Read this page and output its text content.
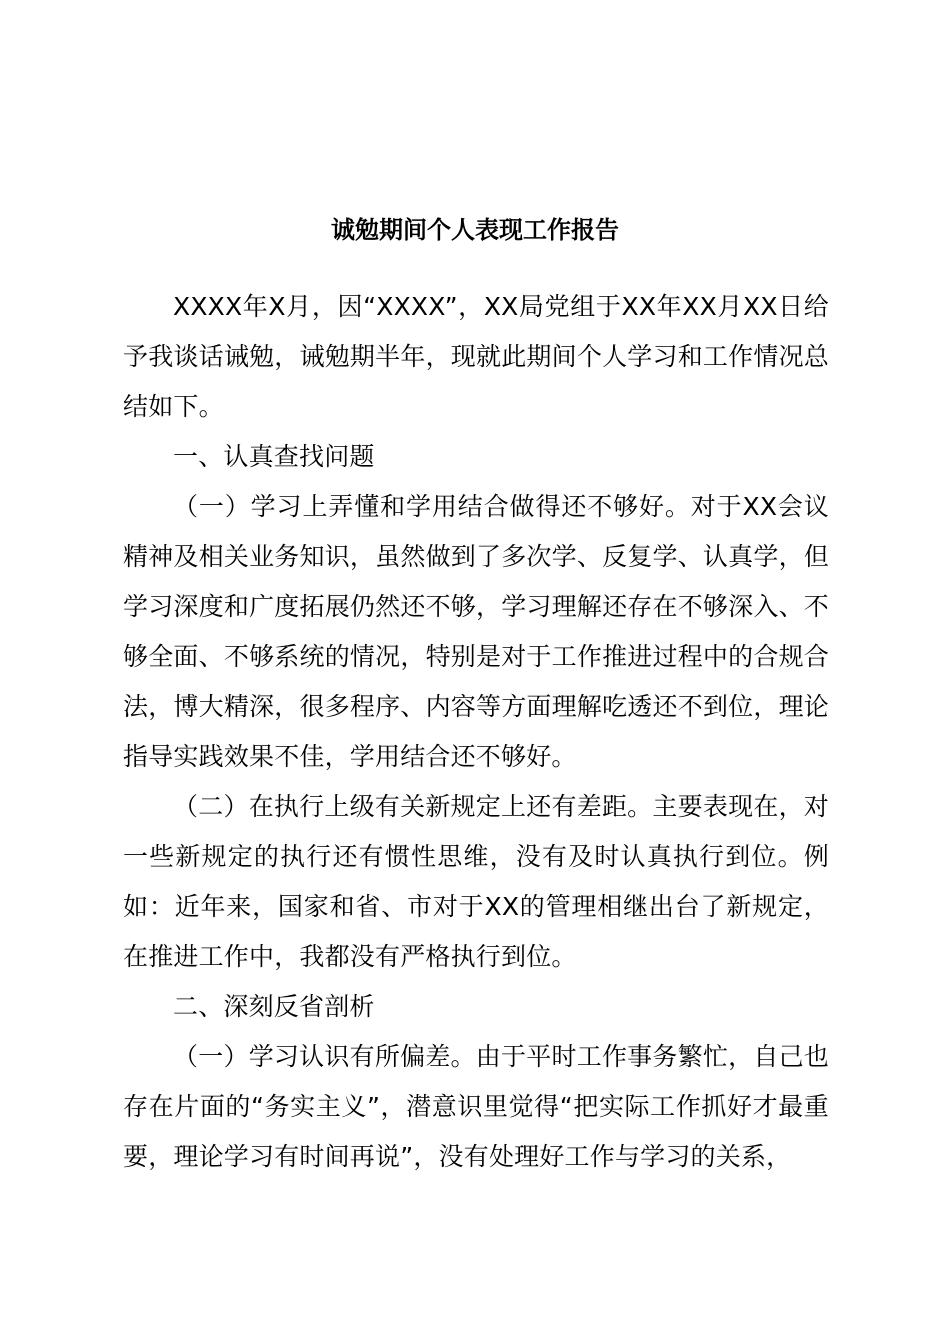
诚勉期间个人表现工作报告

XXXX年X月，因“XXXX”，XX局党组于XX年XX月XX日给予我谈话诫勉，诫勉期半年，现就此期间个人学习和工作情况总结如下。

一、认真查找问题

（一）学习上弄懂和学用结合做得还不够好。对于XX会议精神及相关业务知识，虽然做到了多次学、反复学、认真学，但学习深度和广度拓展仍然还不够，学习理解还存在不够深入、不够全面、不够系统的情况，特别是对于工作推进过程中的合规合法，博大精深，很多程序、内容等方面理解吃透还不到位，理论指导实践效果不佳，学用结合还不够好。

（二）在执行上级有关新规定上还有差距。主要表现在，对一些新规定的执行还有惯性思维，没有及时认真执行到位。例如：近年来，国家和省、市对于XX的管理相继出台了新规定，在推进工作中，我都没有严格执行到位。

二、深刻反省剖析

（一）学习认识有所偏差。由于平时工作事务繁忙，自己也存在片面的“务实主义”，潜意识里觉得“把实际工作抓好才最重要，理论学习有时间再说”，没有处理好工作与学习的关系，
